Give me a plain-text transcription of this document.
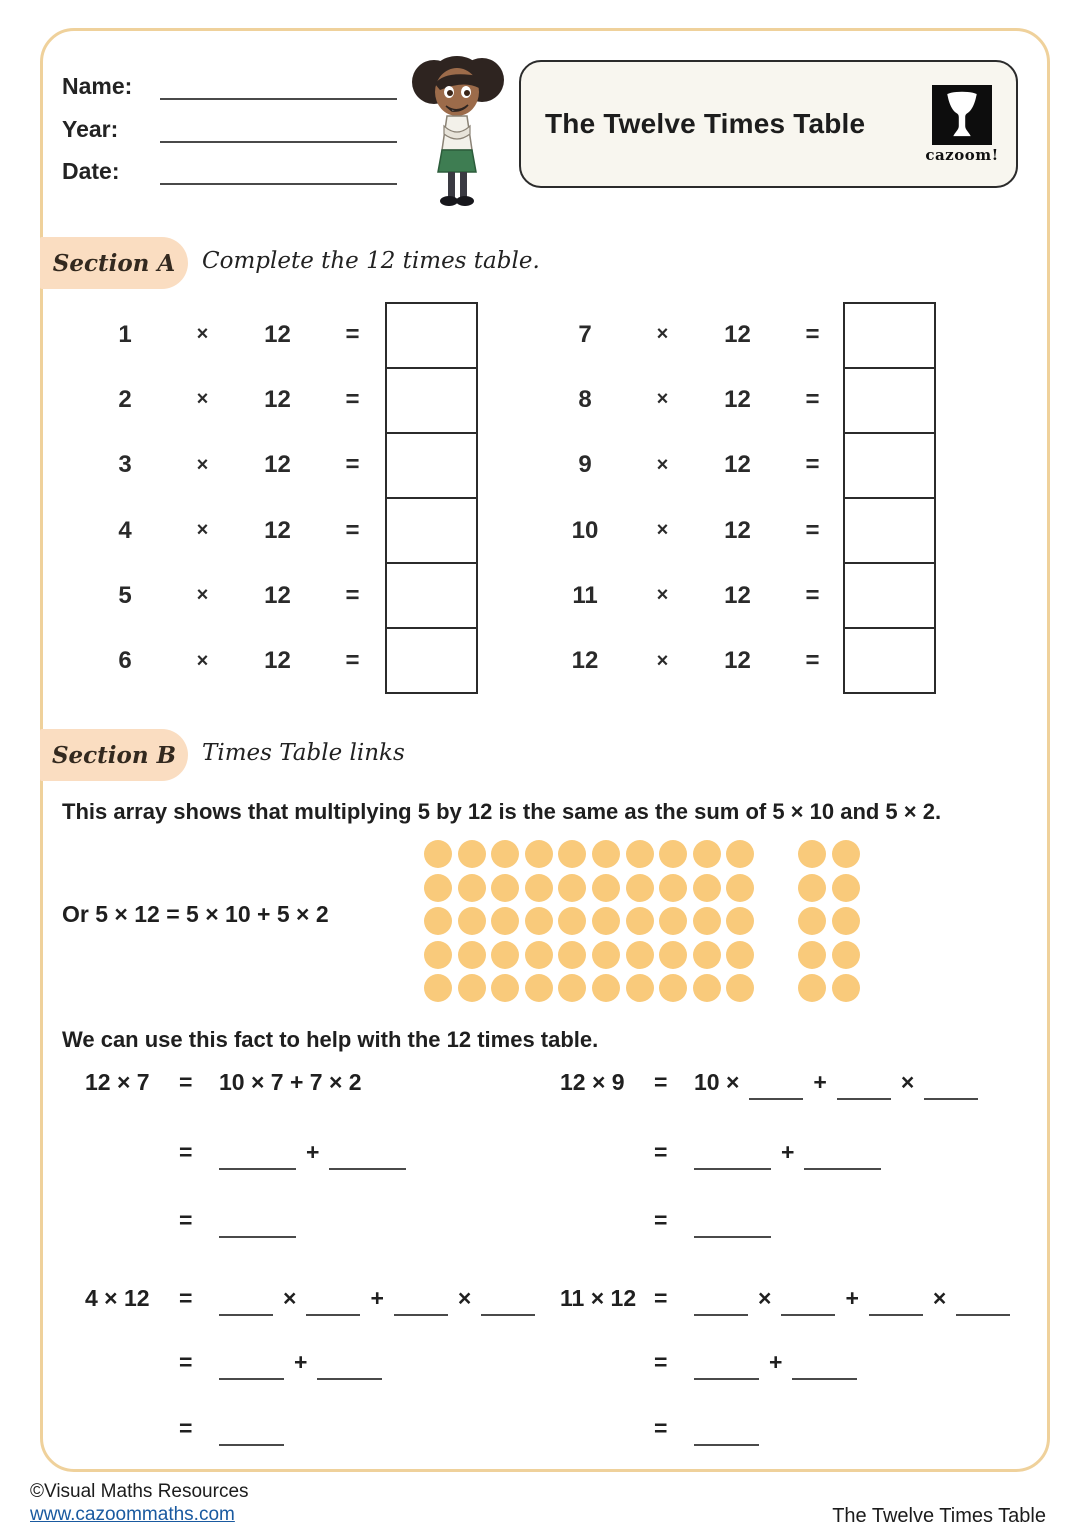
Name:
Year:
Date:
The Twelve Times Table
cazoom!
Section A	Complete the 12 times table.
1	×	12	=
2	×	12	=
3	×	12	=
4	×	12	=
5	×	12	=
6	×	12	=
7	×	12	=
8	×	12	=
9	×	12	=
10	×	12	=
11	×	12	=
12	×	12	=
Section B	Times Table links
This array shows that multiplying 5 by 12 is the same as the sum of 5 × 10 and 5 × 2.
Or 5 × 12 = 5 × 10 + 5 × 2
We can use this fact to help with the 12 times table.
12 × 7	=	10 × 7 + 7 × 2
=	+
=
4 × 12	=	×	+	×
=	+
=
12 × 9	=	10 ×	+	×
=	+
=
11 × 12 =	×	+	×
=	+
=
©Visual Maths Resources
www.cazoommaths.com	The Twelve Times Table
